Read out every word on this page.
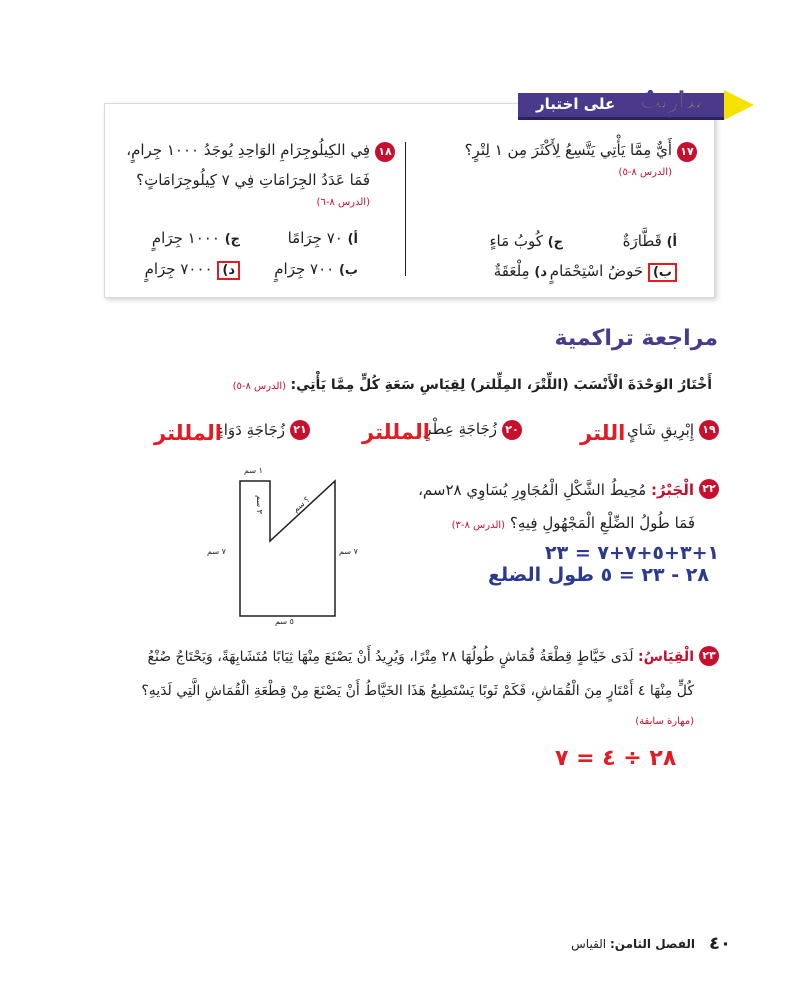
على اختبار تدارِيبٌ
١٧
أَيٌّ مِمَّا يَأْتِي يَتَّسِعُ لِأَكْثَرَ مِن ١ لِتْرٍ؟
(الدرس ٨-٥)
أ) قَطَّارَةٌ
ج) كُوبُ مَاءٍ
ب) حَوضُ اسْتِحْمَامٍ
د) مِلْعَقَةٌ
١٨
فِي الكِيلُوجِرَامِ الوَاحِدِ يُوجَدُ ١٠٠٠ جِرامٍ،
فَمَا عَدَدُ الجِرَامَاتِ فِي ٧ كِيلُوجِرَامَاتٍ؟
(الدرس ٨-٦)
أ) ٧٠ جِرَامًا
ج) ١٠٠٠ جِرَامٍ
ب) ٧٠٠ جِرَامٍ
د) ٧٠٠٠ جِرَامٍ
مراجعة تراكمية
أَخْتَارُ الوَحْدَةَ الْأَنْسَبَ (اللِّتْرَ، المِلِّلتر) لِقِيَاسِ سَعَةِ كُلٍّ مِمَّا يَأْتِي: (الدرس ٨-٥)
١٩
إِبْرِيقِ شَايٍ
اللتر
٢٠
زُجَاجَةِ عِطْرٍ
المللتر
٢١
زُجَاجَةِ دَوَاءٍ
المللتر
١ سم
؟ سم
٣ سم
٧ سم	٧ سم
٥ سم
٢٢
الْجَبْرُ: مُحِيطُ الشَّكْلِ الْمُجَاوِرِ يُسَاوِي ٢٨سم،
فَمَا طُولُ الضِّلْعِ الْمَجْهُولِ فِيهِ؟ (الدرس ٨-٣)
١+٣+٥+٧+٧ = ٢٣
٢٨ - ٢٣ = ٥ طول الضلع
٢٣
الْقِيَاسُ: لَدَى خَيَّاطٍ قِطْعَةُ قُمَاشٍ طُولُهَا ٢٨ مِتْرًا، وَيُرِيدُ أَنْ يَصْنَعَ مِنْهَا ثِيَابًا مُتَشَابِهَةً، وَيَحْتَاجُ صُنْعُ
كُلٍّ مِنْهَا ٤ أَمْتَارٍ مِنَ الْقُمَاشِ، فَكَمْ ثَوبًا يَسْتَطِيعُ هَذَا الخَيَّاطُ أَنْ يَصْنَعَ مِنْ قِطْعَةِ الْقُمَاشِ الَّتِي لَدَيهِ؟
(مهارة سابقة)
٢٨ ÷ ٤ = ٧
٤٠
الفصل الثامن: القياس
